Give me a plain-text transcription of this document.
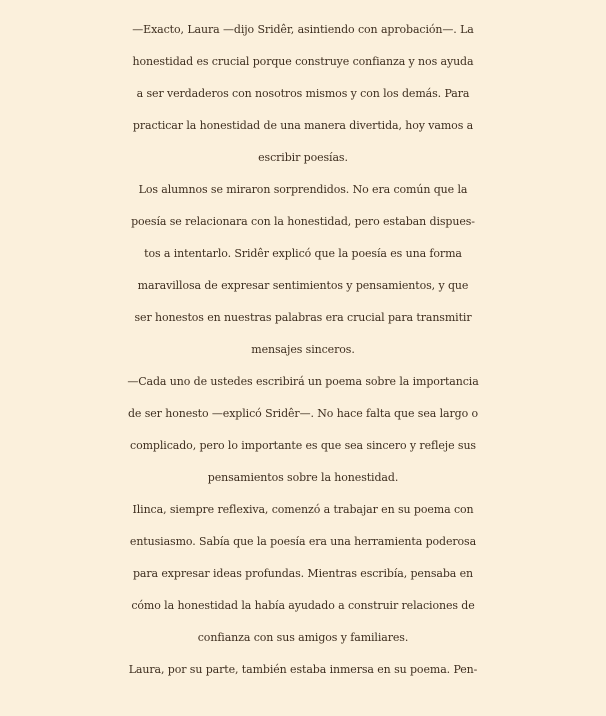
—Exacto, Laura —dijo Sridêr, asintiendo con aprobación—. La
honestidad es crucial porque construye confianza y nos ayuda
a ser verdaderos con nosotros mismos y con los demás. Para
practicar la honestidad de una manera divertida, hoy vamos a
escribir poesías.
Los alumnos se miraron sorprendidos. No era común que la
poesía se relacionara con la honestidad, pero estaban dispues-
tos a intentarlo. Sridêr explicó que la poesía es una forma
maravillosa de expresar sentimientos y pensamientos, y que
ser honestos en nuestras palabras era crucial para transmitir
mensajes sinceros.
—Cada uno de ustedes escribirá un poema sobre la importancia
de ser honesto —explicó Sridêr—. No hace falta que sea largo o
complicado, pero lo importante es que sea sincero y refleje sus
pensamientos sobre la honestidad.
Ilinca, siempre reflexiva, comenzó a trabajar en su poema con
entusiasmo. Sabía que la poesía era una herramienta poderosa
para expresar ideas profundas. Mientras escribía, pensaba en
cómo la honestidad la había ayudado a construir relaciones de
confianza con sus amigos y familiares.
Laura, por su parte, también estaba inmersa en su poema. Pen-
